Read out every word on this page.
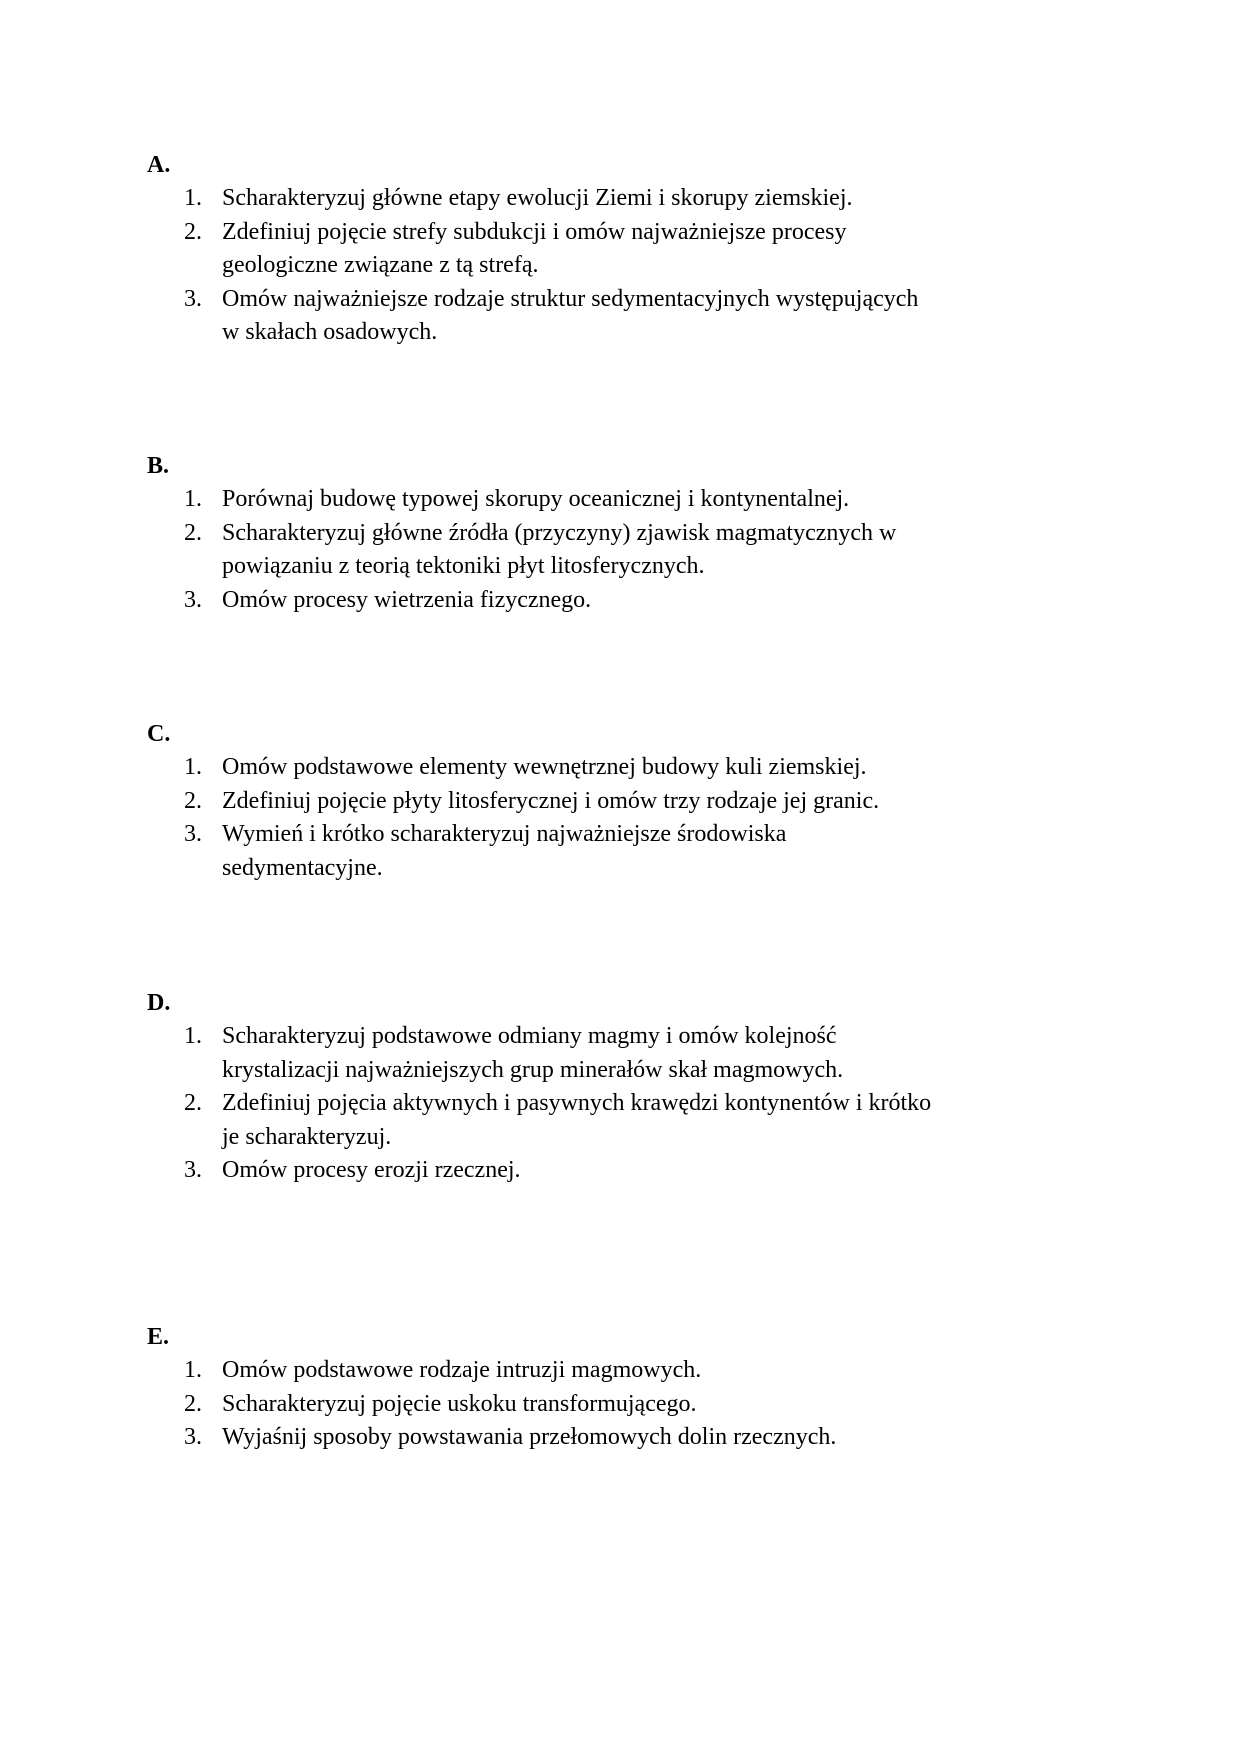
A.
1. Scharakteryzuj główne etapy ewolucji Ziemi i skorupy ziemskiej.
2. Zdefiniuj pojęcie strefy subdukcji i omów najważniejsze procesy
geologiczne związane z tą strefą.
3. Omów najważniejsze rodzaje struktur sedymentacyjnych występujących
w skałach osadowych.
B.
1. Porównaj budowę typowej skorupy oceanicznej i kontynentalnej.
2. Scharakteryzuj główne źródła (przyczyny) zjawisk magmatycznych w
powiązaniu z teorią tektoniki płyt litosferycznych.
3. Omów procesy wietrzenia fizycznego.
C.
1. Omów podstawowe elementy wewnętrznej budowy kuli ziemskiej.
2. Zdefiniuj pojęcie płyty litosferycznej i omów trzy rodzaje jej granic.
3. Wymień i krótko scharakteryzuj najważniejsze środowiska
sedymentacyjne.
D.
1. Scharakteryzuj podstawowe odmiany magmy i omów kolejność
krystalizacji najważniejszych grup minerałów skał magmowych.
2. Zdefiniuj pojęcia aktywnych i pasywnych krawędzi kontynentów i krótko
je scharakteryzuj.
3. Omów procesy erozji rzecznej.
E.
1. Omów podstawowe rodzaje intruzji magmowych.
2. Scharakteryzuj pojęcie uskoku transformującego.
3. Wyjaśnij sposoby powstawania przełomowych dolin rzecznych.
